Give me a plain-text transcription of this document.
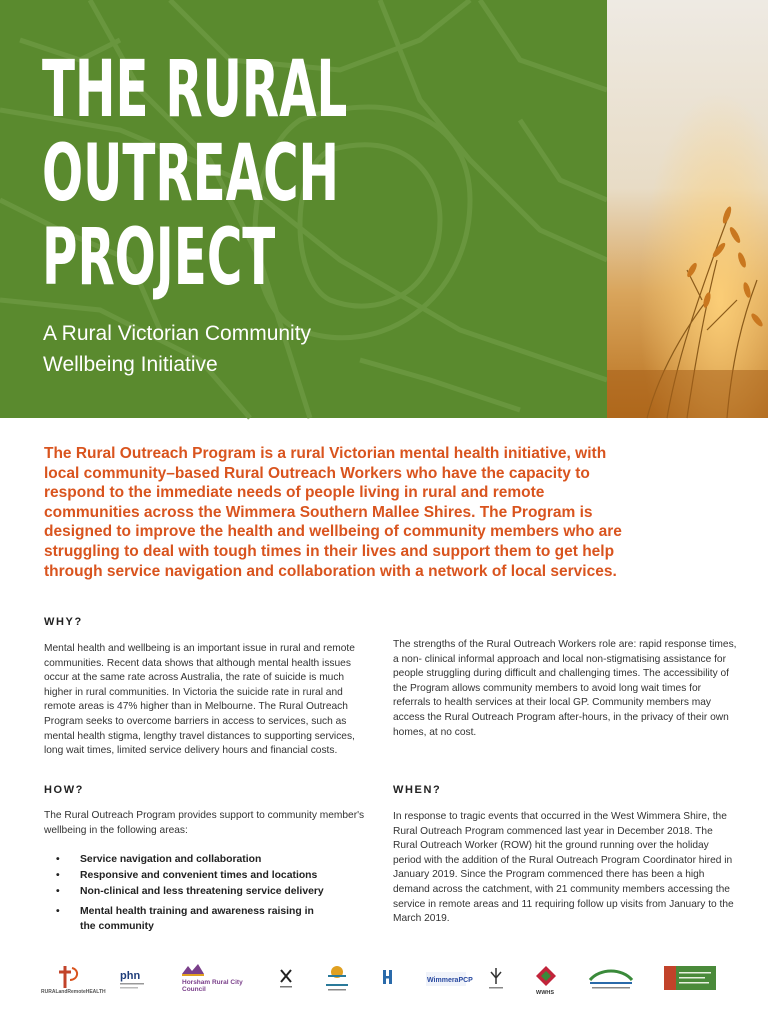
THE RURAL
OUTREACH
PROJECT

A Rural Victorian Community
Wellbeing Initiative

The Rural Outreach Program is a rural Victorian mental health initiative, with local community–based Rural Outreach Workers who have the capacity to respond to the immediate needs of people living in rural and remote communities across the Wimmera Southern Mallee Shires. The Program is designed to improve the health and wellbeing of community members who are struggling to deal with tough times in their lives and support them to get help through service navigation and collaboration with a network of local services.

WHY?

Mental health and wellbeing is an important issue in rural and remote communities. Recent data shows that although mental health issues occur at the same rate across Australia, the rate of suicide is much higher in rural communities. In Victoria the suicide rate in rural and remote areas is 47% higher than in Melbourne. The Rural Outreach Program seeks to overcome barriers in access to services, such as mental health stigma, lengthy travel distances to supporting services, long wait times, limited service delivery hours and financial costs.

The strengths of the Rural Outreach Workers role are: rapid response times, a non- clinical informal approach and local non-stigmatising assistance for people struggling during difficult and challenging times. The accessibility of the Program allows community members to avoid long wait times for referrals to health services at their local GP. Community members may access the Rural Outreach Program after-hours, in the privacy of their own homes, at no cost.

HOW?

The Rural Outreach Program provides support to community member's wellbeing in the following areas:

• Service navigation and collaboration
• Responsive and convenient times and locations
• Non-clinical and less threatening service delivery
• Mental health training and awareness raising in the community
WHEN?

In response to tragic events that occurred in the West Wimmera Shire, the Rural Outreach Program commenced last year in December 2018. The Rural Outreach Worker (ROW) hit the ground running over the holiday period with the addition of the Rural Outreach Program Coordinator hired in January 2019. Since the Program commenced there has been a high demand across the catchment, with 21 community members accessing the service in remote areas and 11 requiring follow up visits from January to the March 2019.

RURALandRemoteHEALTH
phn
Horsham Rural City
Council
WimmeraPCP
WWHS
